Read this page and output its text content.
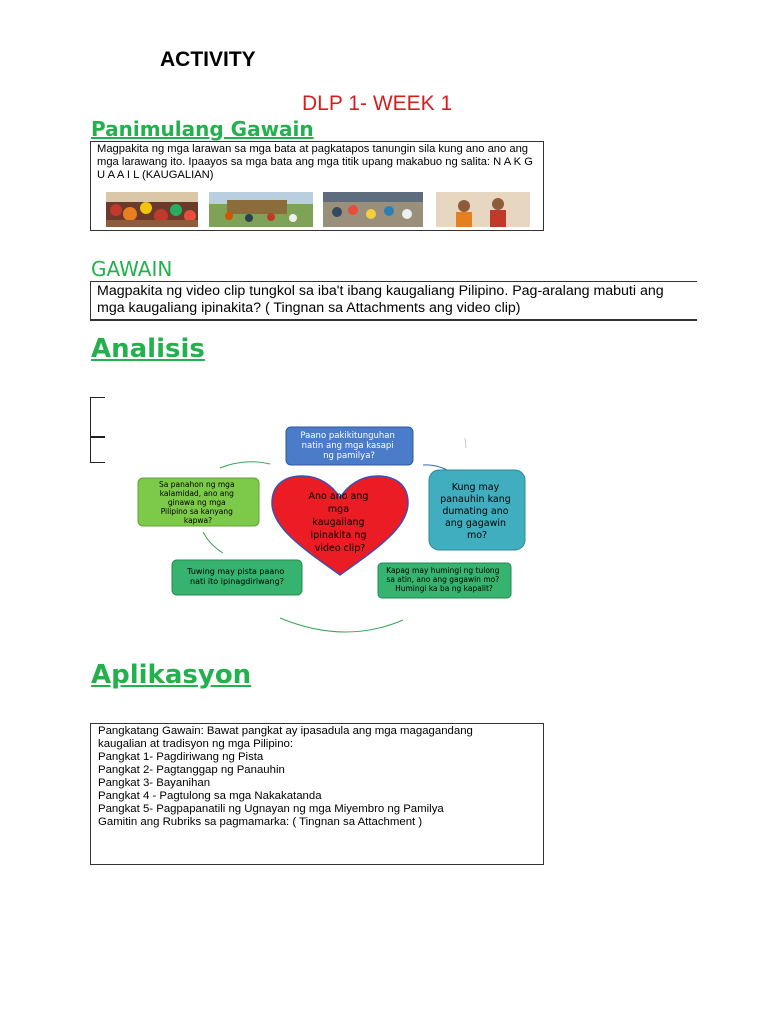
ACTIVITY
DLP 1- WEEK 1
Panimulang Gawain
Magpakita ng mga larawan sa mga bata at pagkatapos tanungin sila kung ano ano ang mga larawang ito. Ipaayos sa mga bata ang mga titik upang makabuo ng salita: N A K G U A A I L (KAUGALIAN)
GAWAIN
Magpakita ng video clip tungkol sa iba't ibang kaugaliang Pilipino. Pag-aralang mabuti ang mga kaugaliang ipinakita? ( Tingnan sa Attachments ang video clip)
Analisis
Paano pakikitunguhan natin ang mga kasapi ng pamilya?
Kung may panauhin kang dumating ano ang gagawin mo?
Kapag may humingi ng tulong sa atin, ano ang gagawin mo? Humingi ka ba ng kapalit?
Tuwing may pista paano nati ito ipinagdiriwang?
Sa panahon ng mga kalamidad, ano ang ginawa ng mga Pilipino sa kanyang kapwa?
Ano ano ang mga kaugaliang ipinakita ng video clip?
Aplikasyon
Pangkatang Gawain: Bawat pangkat ay ipasadula ang mga magagandang
kaugalian at tradisyon ng mga Pilipino:
Pangkat 1- Pagdiriwang ng Pista
Pangkat 2- Pagtanggap ng Panauhin
Pangkat 3- Bayanihan
Pangkat 4 - Pagtulong sa mga Nakakatanda
Pangkat 5- Pagpapanatili ng Ugnayan ng mga Miyembro ng Pamilya
Gamitin ang Rubriks sa pagmamarka: ( Tingnan sa Attachment )
